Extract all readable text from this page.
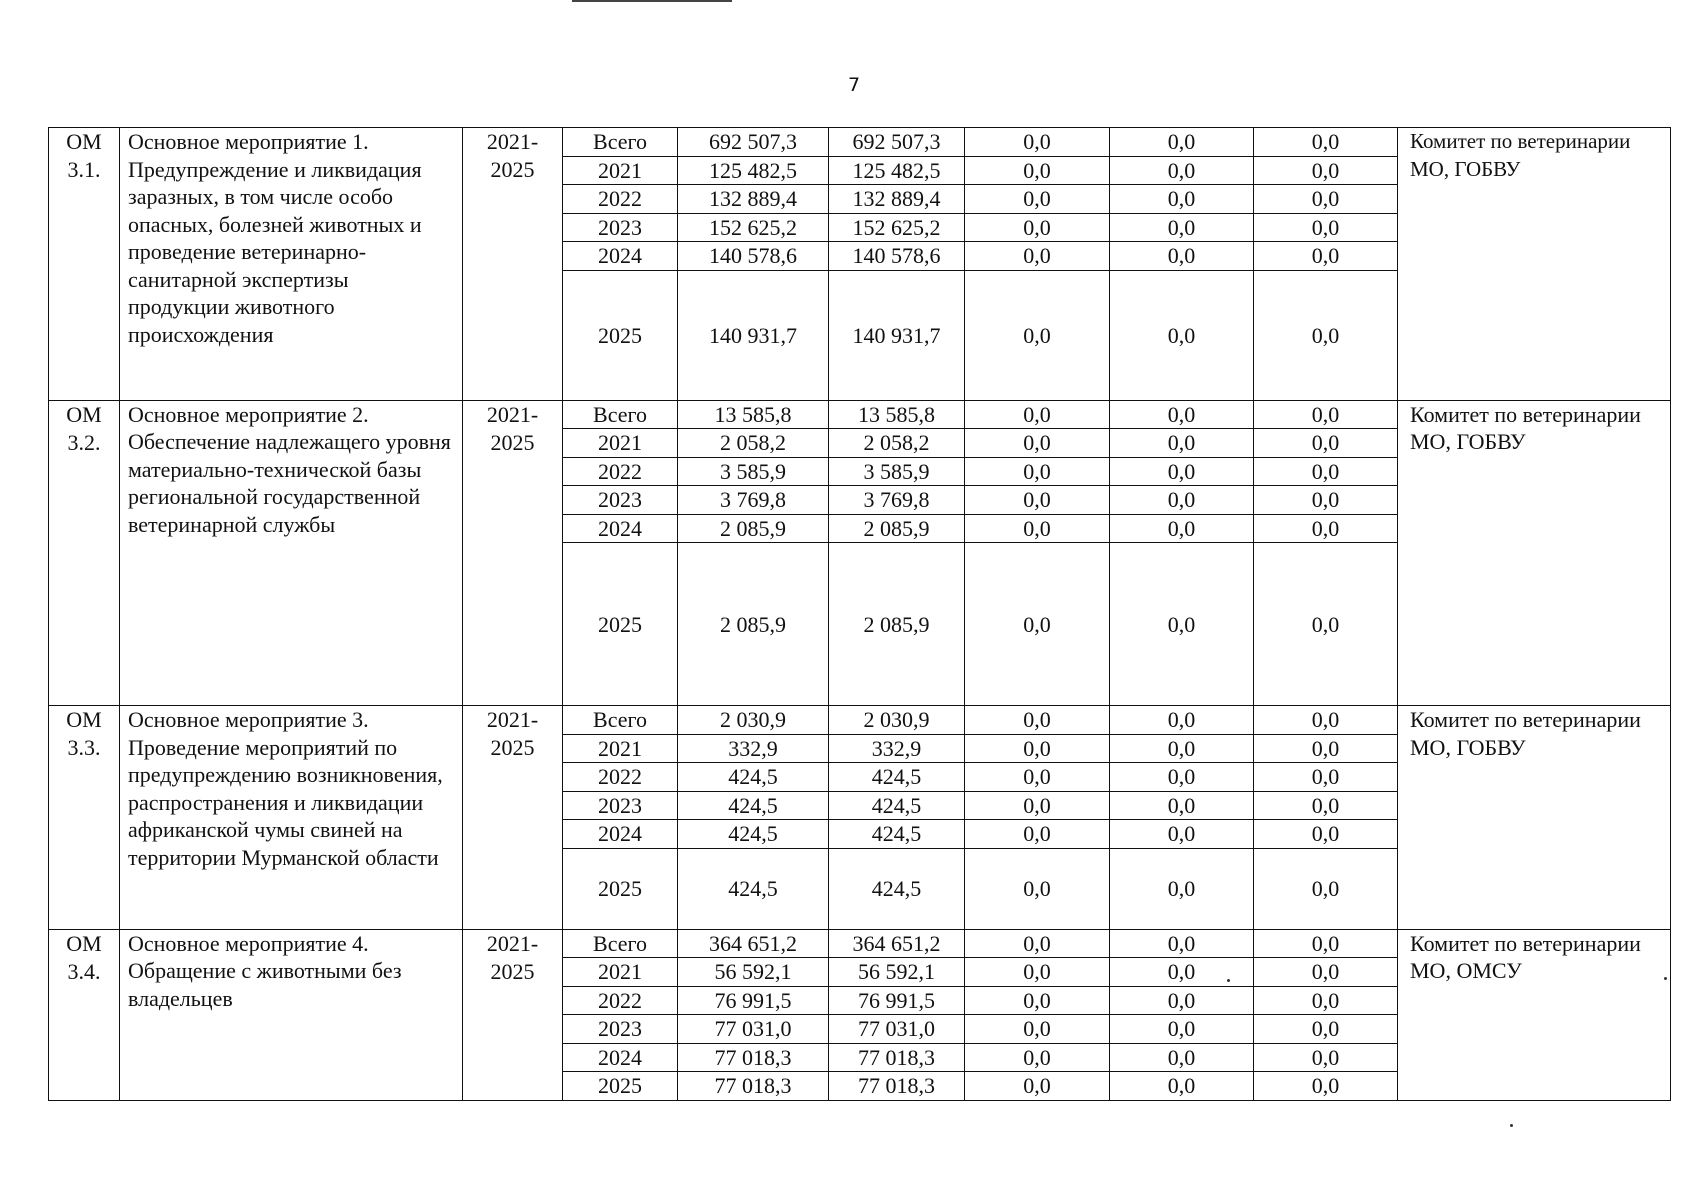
7
ОМ 3.1.	Основное мероприятие 1. Предупреждение и ликвидация заразных, в том числе особо опасных, болезней животных и проведение ветеринарно-санитарной экспертизы продукции животного происхождения	2021-2025	Всего	692 507,3	692 507,3	0,0	0,0	0,0	Комитет по ветеринарии МО, ГОБВУ
			2021	125 482,5	125 482,5	0,0	0,0	0,0	
			2022	132 889,4	132 889,4	0,0	0,0	0,0	
			2023	152 625,2	152 625,2	0,0	0,0	0,0	
			2024	140 578,6	140 578,6	0,0	0,0	0,0	
			2025	140 931,7	140 931,7	0,0	0,0	0,0	
ОМ 3.2.	Основное мероприятие 2. Обеспечение надлежащего уровня материально-технической базы региональной государственной ветеринарной службы	2021-2025	Всего	13 585,8	13 585,8	0,0	0,0	0,0	Комитет по ветеринарии МО, ГОБВУ
			2021	2 058,2	2 058,2	0,0	0,0	0,0	
			2022	3 585,9	3 585,9	0,0	0,0	0,0	
			2023	3 769,8	3 769,8	0,0	0,0	0,0	
			2024	2 085,9	2 085,9	0,0	0,0	0,0	
			2025	2 085,9	2 085,9	0,0	0,0	0,0	
ОМ 3.3.	Основное мероприятие 3. Проведение мероприятий по предупреждению возникновения, распространения и ликвидации африканской чумы свиней на территории Мурманской области	2021-2025	Всего	2 030,9	2 030,9	0,0	0,0	0,0	Комитет по ветеринарии МО, ГОБВУ
			2021	332,9	332,9	0,0	0,0	0,0	
			2022	424,5	424,5	0,0	0,0	0,0	
			2023	424,5	424,5	0,0	0,0	0,0	
			2024	424,5	424,5	0,0	0,0	0,0	
			2025	424,5	424,5	0,0	0,0	0,0	
ОМ 3.4.	Основное мероприятие 4. Обращение с животными без владельцев	2021-2025	Всего	364 651,2	364 651,2	0,0	0,0	0,0	Комитет по ветеринарии МО, ОМСУ
			2021	56 592,1	56 592,1	0,0	0,0	0,0	
			2022	76 991,5	76 991,5	0,0	0,0	0,0	
			2023	77 031,0	77 031,0	0,0	0,0	0,0	
			2024	77 018,3	77 018,3	0,0	0,0	0,0	
			2025	77 018,3	77 018,3	0,0	0,0	0,0	
